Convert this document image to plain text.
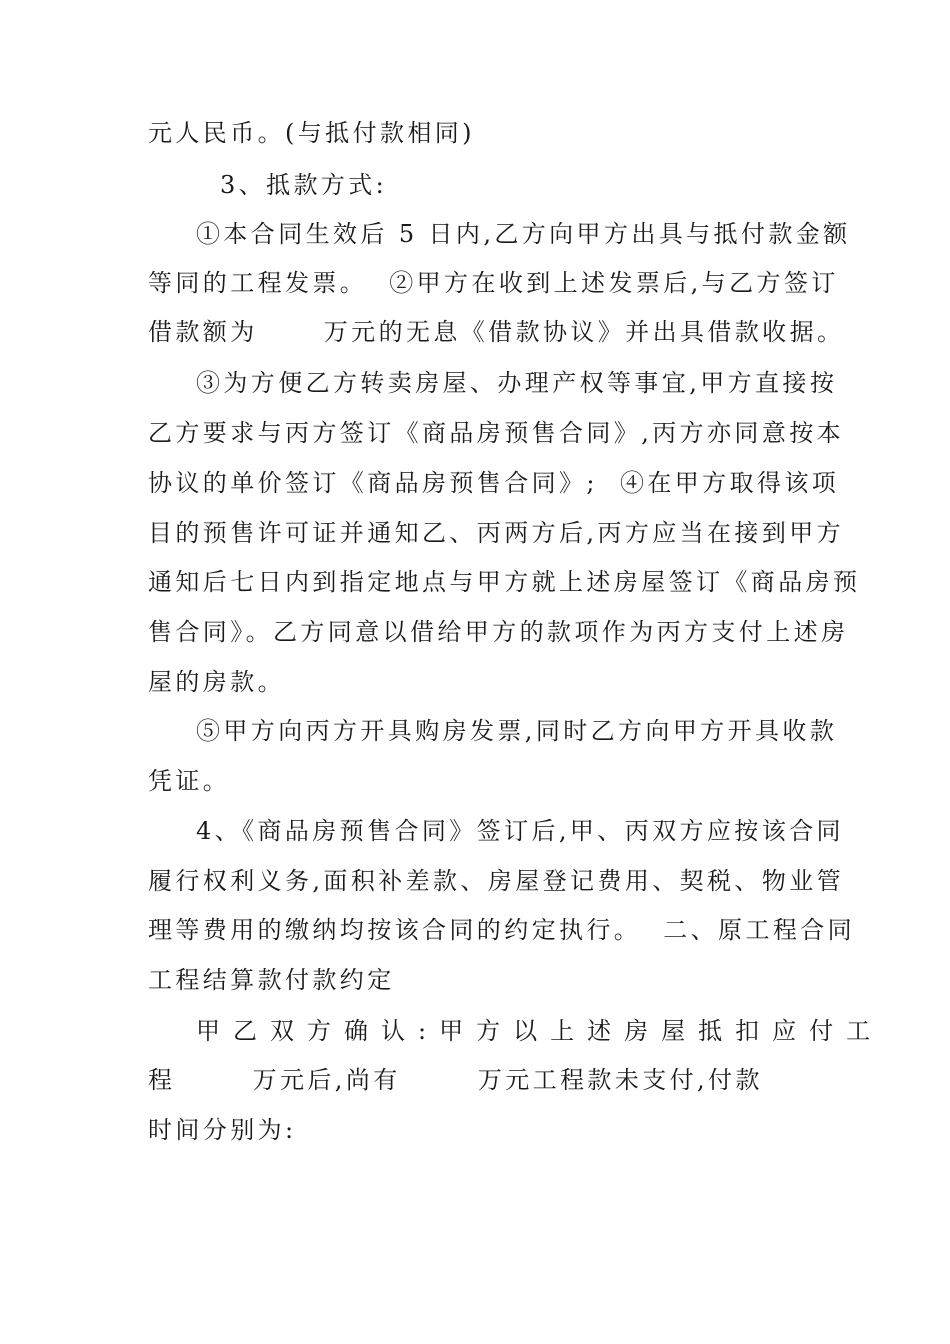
元人民币。(与抵付款相同)
3、抵款方式:
①本合同生效后 5 日内,乙方向甲方出具与抵付款金额
等同的工程发票。  ②甲方在收到上述发票后,与乙方签订
借款额为      万元的无息《借款协议》并出具借款收据。
③为方便乙方转卖房屋、办理产权等事宜,甲方直接按
乙方要求与丙方签订《商品房预售合同》,丙方亦同意按本
协议的单价签订《商品房预售合同》;  ④在甲方取得该项
目的预售许可证并通知乙、丙两方后,丙方应当在接到甲方
通知后七日内到指定地点与甲方就上述房屋签订《商品房预
售合同》。乙方同意以借给甲方的款项作为丙方支付上述房
屋的房款。
⑤甲方向丙方开具购房发票,同时乙方向甲方开具收款
凭证。
4、《商品房预售合同》签订后,甲、丙双方应按该合同
履行权利义务,面积补差款、房屋登记费用、契税、物业管
理等费用的缴纳均按该合同的约定执行。  二、原工程合同
工程结算款付款约定
甲乙双方确认:甲方以上述房屋抵扣应付工
程       万元后,尚有       万元工程款未支付,付款
时间分别为:
